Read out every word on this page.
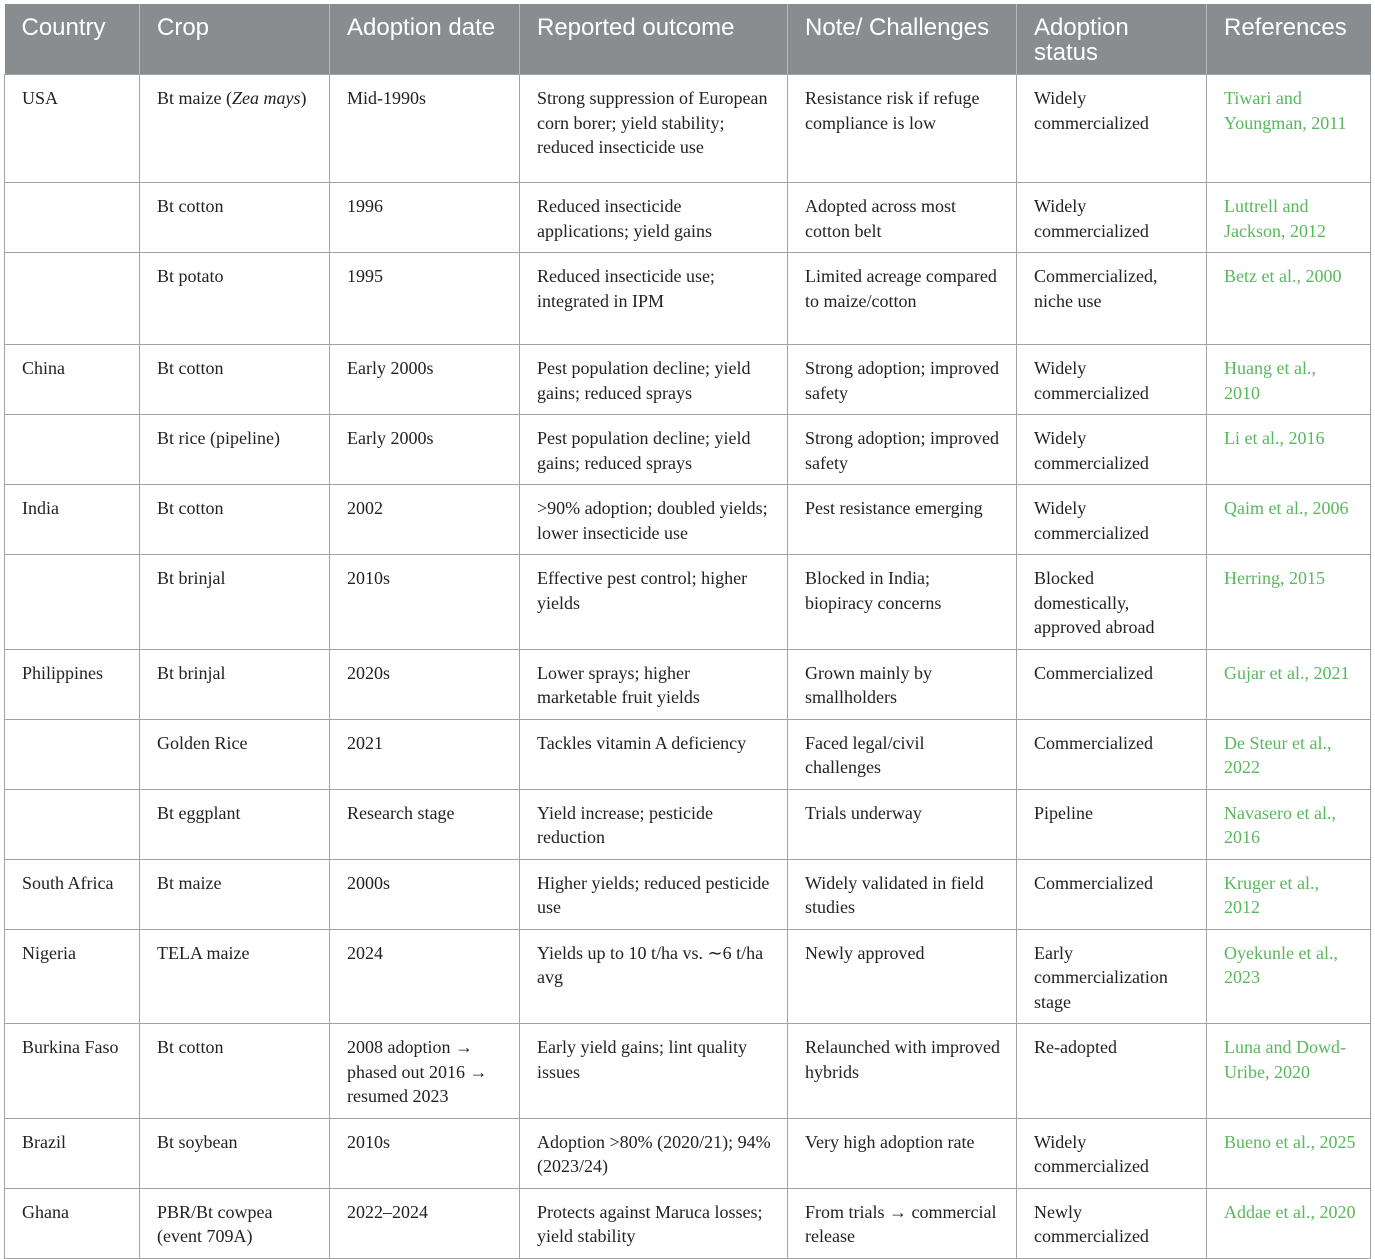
Country	Crop	Adoption date	Reported outcome	Note/ Challenges	Adoption status	References
USA	Bt maize (Zea mays)	Mid-1990s	Strong suppression of European corn borer; yield stability; reduced insecticide use	Resistance risk if refuge compliance is low	Widely commercialized	Tiwari and Youngman, 2011
	Bt cotton	1996	Reduced insecticide applications; yield gains	Adopted across most cotton belt	Widely commercialized	Luttrell and Jackson, 2012
	Bt potato	1995	Reduced insecticide use; integrated in IPM	Limited acreage compared to maize/cotton	Commercialized, niche use	Betz et al., 2000
China	Bt cotton	Early 2000s	Pest population decline; yield gains; reduced sprays	Strong adoption; improved safety	Widely commercialized	Huang et al., 2010
	Bt rice (pipeline)	Early 2000s	Pest population decline; yield gains; reduced sprays	Strong adoption; improved safety	Widely commercialized	Li et al., 2016
India	Bt cotton	2002	>90% adoption; doubled yields; lower insecticide use	Pest resistance emerging	Widely commercialized	Qaim et al., 2006
	Bt brinjal	2010s	Effective pest control; higher yields	Blocked in India; biopiracy concerns	Blocked domestically, approved abroad	Herring, 2015
Philippines	Bt brinjal	2020s	Lower sprays; higher marketable fruit yields	Grown mainly by smallholders	Commercialized	Gujar et al., 2021
	Golden Rice	2021	Tackles vitamin A deficiency	Faced legal/civil challenges	Commercialized	De Steur et al., 2022
	Bt eggplant	Research stage	Yield increase; pesticide reduction	Trials underway	Pipeline	Navasero et al., 2016
South Africa	Bt maize	2000s	Higher yields; reduced pesticide use	Widely validated in field studies	Commercialized	Kruger et al., 2012
Nigeria	TELA maize	2024	Yields up to 10 t/ha vs. ∼6 t/ha avg	Newly approved	Early commercialization stage	Oyekunle et al., 2023
Burkina Faso	Bt cotton	2008 adoption → phased out 2016 → resumed 2023	Early yield gains; lint quality issues	Relaunched with improved hybrids	Re-adopted	Luna and Dowd-Uribe, 2020
Brazil	Bt soybean	2010s	Adoption >80% (2020/21); 94% (2023/24)	Very high adoption rate	Widely commercialized	Bueno et al., 2025
Ghana	PBR/Bt cowpea (event 709A)	2022–2024	Protects against Maruca losses; yield stability	From trials → commercial release	Newly commercialized	Addae et al., 2020
